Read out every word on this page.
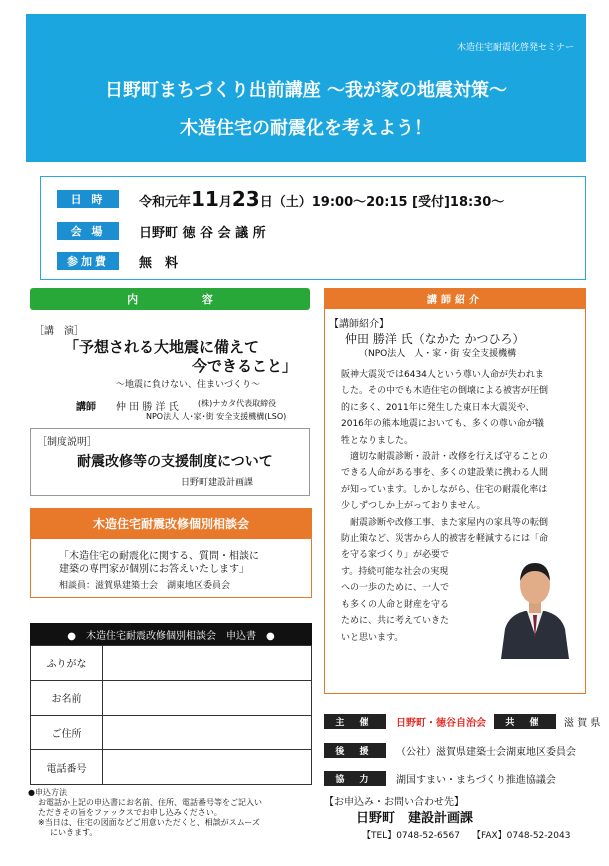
木造住宅耐震化啓発セミナー
日野町まちづくり出前講座 ～我が家の地震対策～
木造住宅の耐震化を考えよう！
日 時	令和元年11月23日（土）19:00～20:15 [受付]18:30～
会 場	日野町 徳 谷 会 議 所
参加費	無　料
内 容
［講　演］
「予想される大地震に備えて
今できること」
～地震に負けない、住まいづくり～
講師 仲 田 勝 洋 氏 (株)ナカタ代表取締役
NPO法人 人･家･街 安全支援機構(LSO)
［制度説明］
耐震改修等の支援制度について
日野町建設計画課
木造住宅耐震改修個別相談会
「木造住宅の耐震化に関する、質問・相談に
建築の専門家が個別にお答えいたします」
相談員：滋賀県建築士会　湖東地区委員会
●　木造住宅耐震改修個別相談会　申込書　●
ふりがな	
お名前	
ご住所	
電話番号	
●申込方法
お電話か上記の申込書にお名前、住所、電話番号等をご記入い
ただきその旨をファックスでお申し込みください。
※当日は、住宅の図面などご用意いただくと、相談がスムーズ
にいきます。
講師紹介
【講師紹介】
仲田 勝洋 氏（なかた かつひろ）
（NPO法人　人・家・街 安全支援機構
阪神大震災では6434人という尊い人命が失われま
した。その中でも木造住宅の倒壊による被害が圧倒
的に多く、2011年に発生した東日本大震災や、
2016年の熊本地震においても、多くの尊い命が犠
牲となりました。
　適切な耐震診断・設計・改修を行えば守ることの
できる人命がある事を、多くの建設業に携わる人間
が知っています。しかしながら、住宅の耐震化率は
少しずつしか上がっておりません。
　耐震診断や改修工事、また家屋内の家具等の転倒
防止策など、災害から人的被害を軽減するには「命
を守る家づくり」が必要で
す。持続可能な社会の実現
への一歩のために、一人で
も多くの人命と財産を守る
ために、共に考えていきた
いと思います。
主 催	日野町・徳谷自治会	共 催	滋 賀 県
後 援	（公社）滋賀県建築士会湖東地区委員会
協 力	湖国すまい・まちづくり推進協議会
【お申込み・お問い合わせ先】
日野町　建設計画課
【TEL】0748-52-6567 【FAX】0748-52-2043
